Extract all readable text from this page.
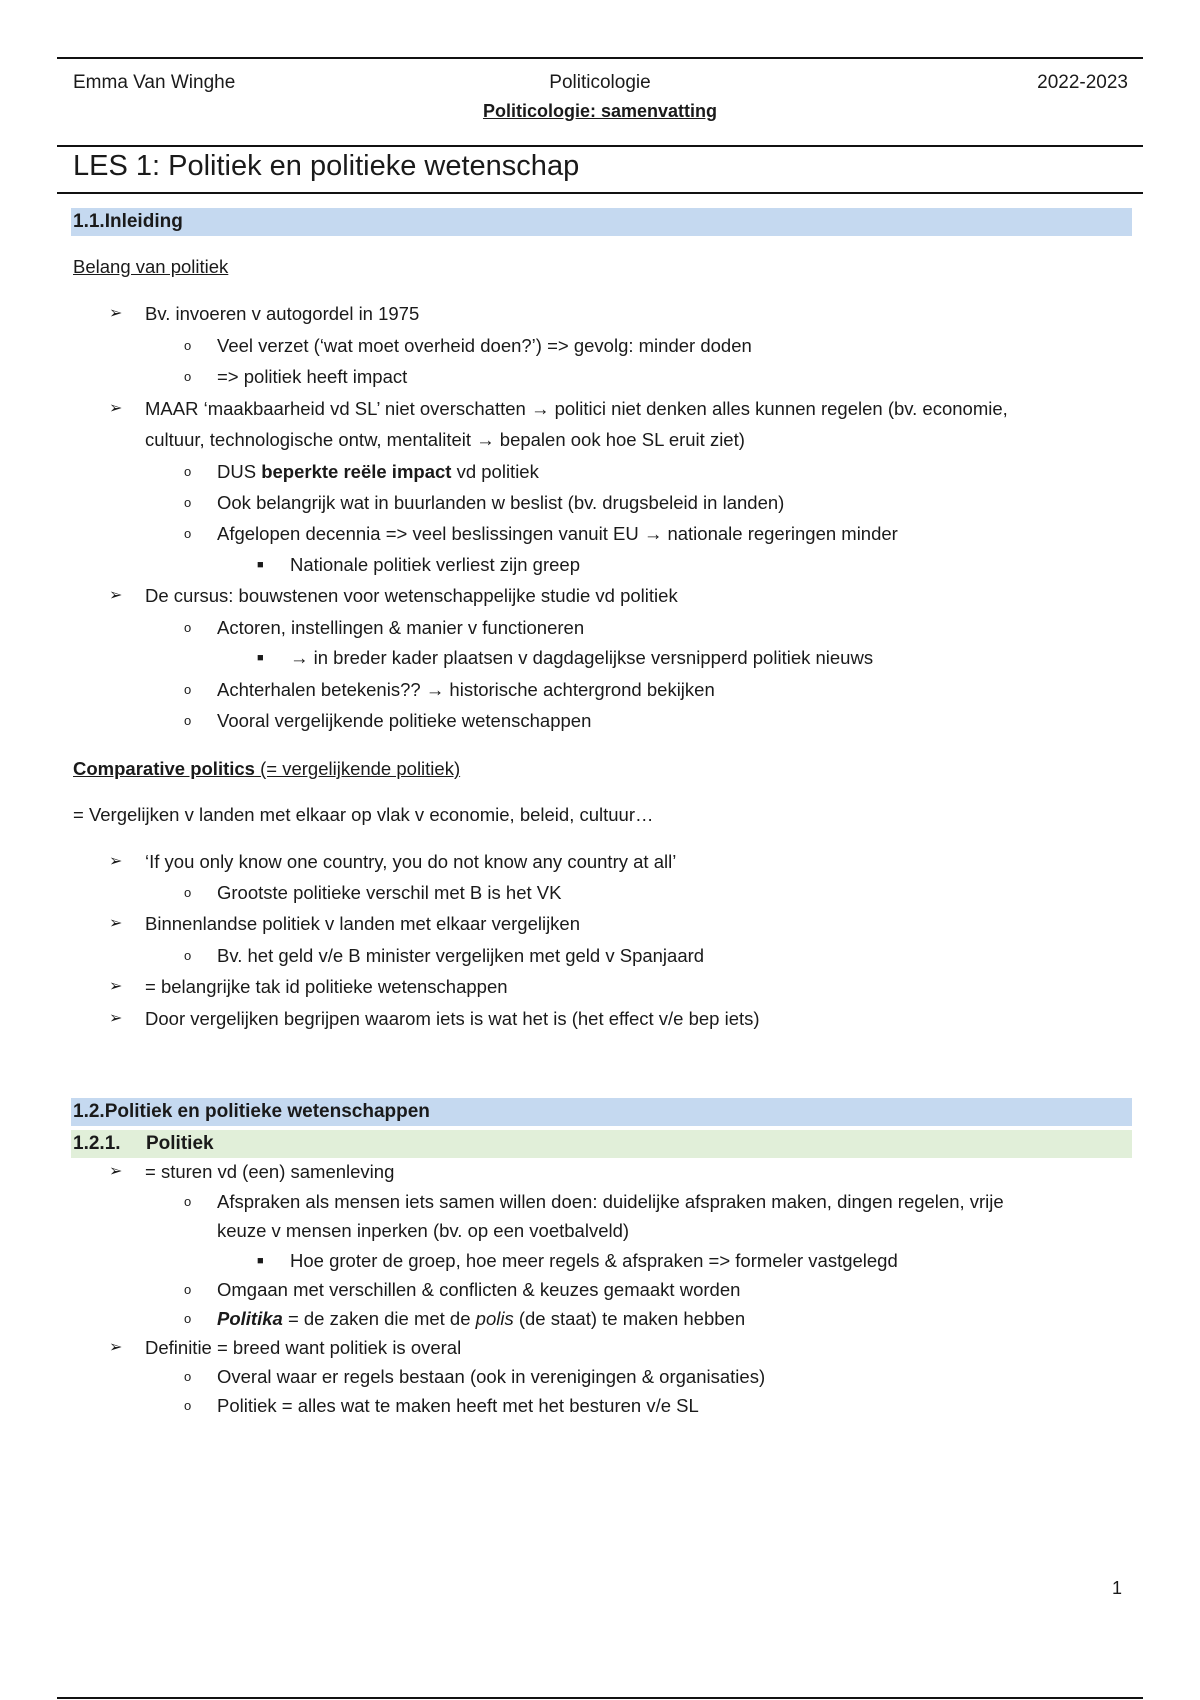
Emma Van Winghe	Politicologie	2022-2023
Politicologie: samenvatting
LES 1: Politiek en politieke wetenschap
1.1.Inleiding
Belang van politiek
➢ Bv. invoeren v autogordel in 1975
o Veel verzet (‘wat moet overheid doen?’) => gevolg: minder doden
o => politiek heeft impact
➢ MAAR ‘maakbaarheid vd SL’ niet overschatten → politici niet denken alles kunnen regelen (bv. economie,
cultuur, technologische ontw, mentaliteit → bepalen ook hoe SL eruit ziet)
o DUS beperkte reële impact vd politiek
o Ook belangrijk wat in buurlanden w beslist (bv. drugsbeleid in landen)
o Afgelopen decennia => veel beslissingen vanuit EU → nationale regeringen minder
■ Nationale politiek verliest zijn greep
➢ De cursus: bouwstenen voor wetenschappelijke studie vd politiek
o Actoren, instellingen & manier v functioneren
■ → in breder kader plaatsen v dagdagelijkse versnipperd politiek nieuws
o Achterhalen betekenis?? → historische achtergrond bekijken
o Vooral vergelijkende politieke wetenschappen
Comparative politics (= vergelijkende politiek)
= Vergelijken v landen met elkaar op vlak v economie, beleid, cultuur…
➢ ‘If you only know one country, you do not know any country at all’
o Grootste politieke verschil met B is het VK
➢ Binnenlandse politiek v landen met elkaar vergelijken
o Bv. het geld v/e B minister vergelijken met geld v Spanjaard
➢ = belangrijke tak id politieke wetenschappen
➢ Door vergelijken begrijpen waarom iets is wat het is (het effect v/e bep iets)
1.2.Politiek en politieke wetenschappen
1.2.1. Politiek
➢ = sturen vd (een) samenleving
o Afspraken als mensen iets samen willen doen: duidelijke afspraken maken, dingen regelen, vrije
keuze v mensen inperken (bv. op een voetbalveld)
■ Hoe groter de groep, hoe meer regels & afspraken => formeler vastgelegd
o Omgaan met verschillen & conflicten & keuzes gemaakt worden
o Politika = de zaken die met de polis (de staat) te maken hebben
➢ Definitie = breed want politiek is overal
o Overal waar er regels bestaan (ook in verenigingen & organisaties)
o Politiek = alles wat te maken heeft met het besturen v/e SL
1
